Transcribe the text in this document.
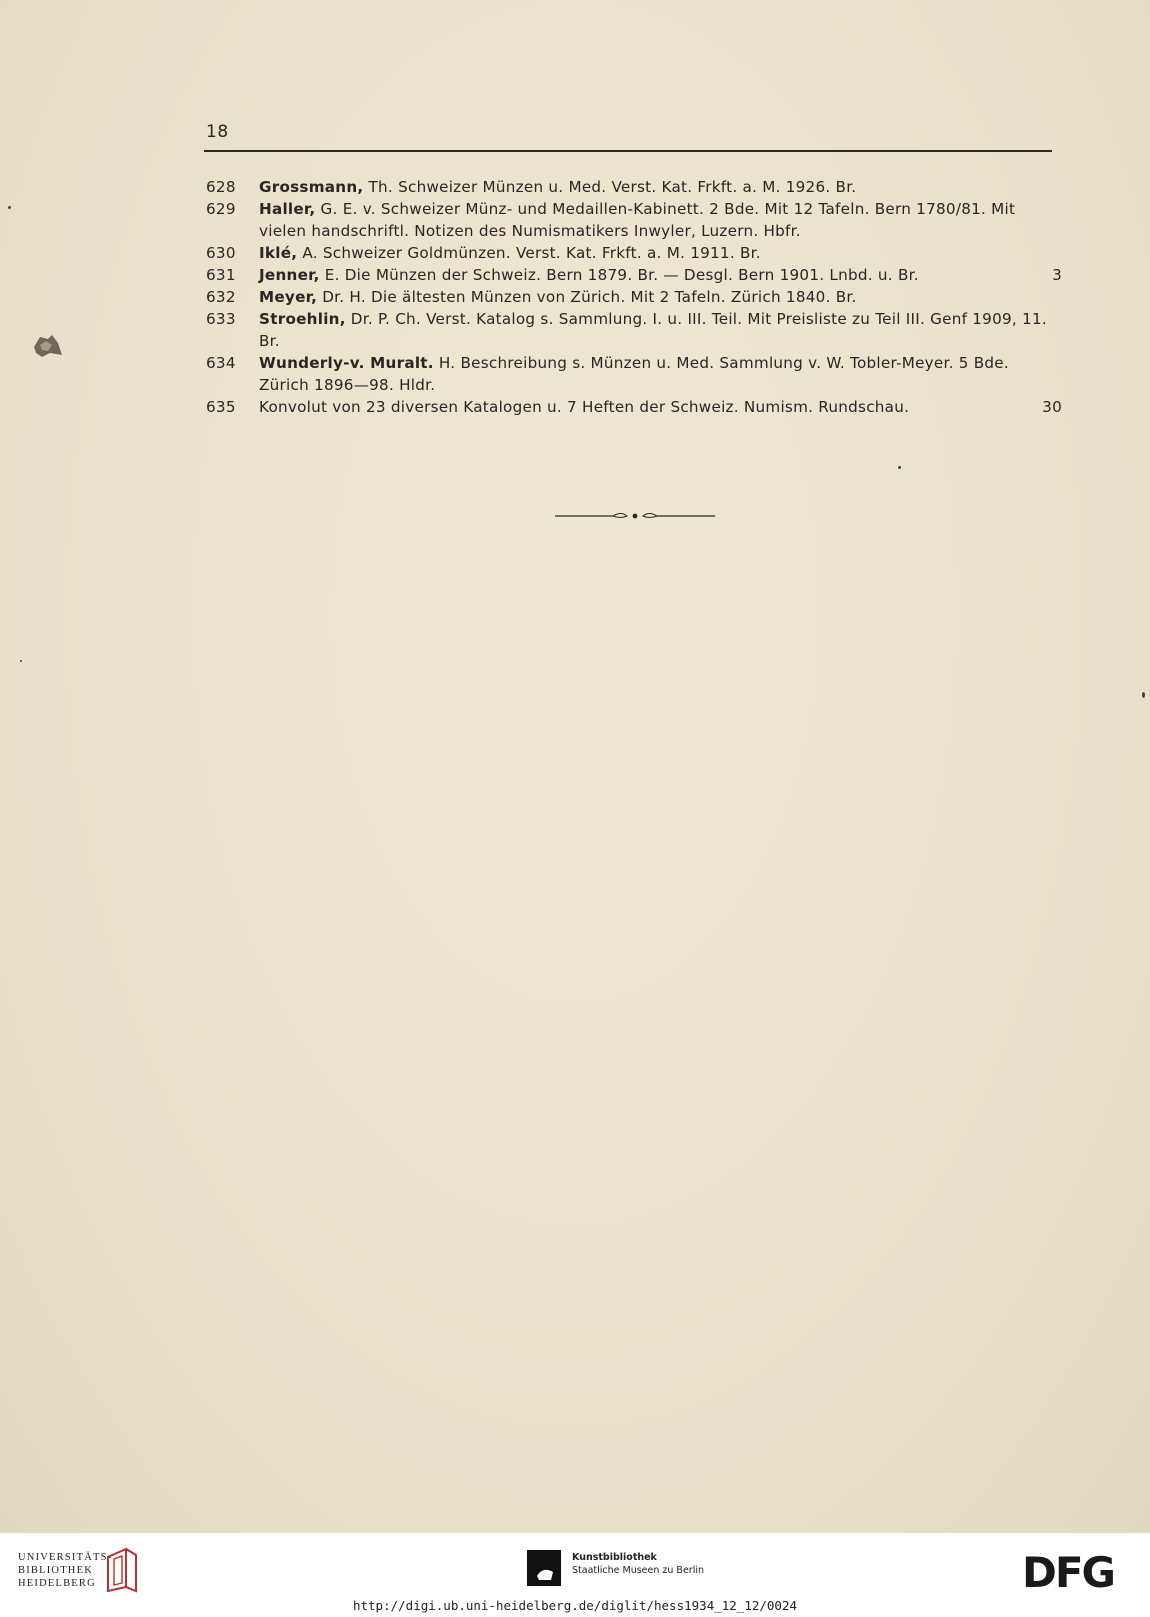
18
628	Grossmann, Th. Schweizer Münzen u. Med. Verst. Kat. Frkft. a. M. 1926. Br.
629	Haller, G. E. v. Schweizer Münz- und Medaillen-Kabinett. 2 Bde. Mit 12 Tafeln. Bern 1780/81. Mit vielen handschriftl. Notizen des Numismatikers Inwyler, Luzern. Hbfr.
630	Iklé, A. Schweizer Goldmünzen. Verst. Kat. Frkft. a. M. 1911. Br.
631	Jenner, E. Die Münzen der Schweiz. Bern 1879. Br. — Desgl. Bern 1901. Lnbd. u. Br.	3
632	Meyer, Dr. H. Die ältesten Münzen von Zürich. Mit 2 Tafeln. Zürich 1840. Br.
633	Stroehlin, Dr. P. Ch. Verst. Katalog s. Sammlung. I. u. III. Teil. Mit Preisliste zu Teil III. Genf 1909, 11. Br.
634	Wunderly-v. Muralt. H. Beschreibung s. Münzen u. Med. Sammlung v. W. Tobler-Meyer. 5 Bde. Zürich 1896—98. Hldr.
635	Konvolut von 23 diversen Katalogen u. 7 Heften der Schweiz. Numism. Rundschau.	30
UNIVERSITÄTS-
BIBLIOTHEK
HEIDELBERG
Kunstbibliothek
Staatliche Museen zu Berlin	DFG
http://digi.ub.uni-heidelberg.de/diglit/hess1934_12_12/0024
